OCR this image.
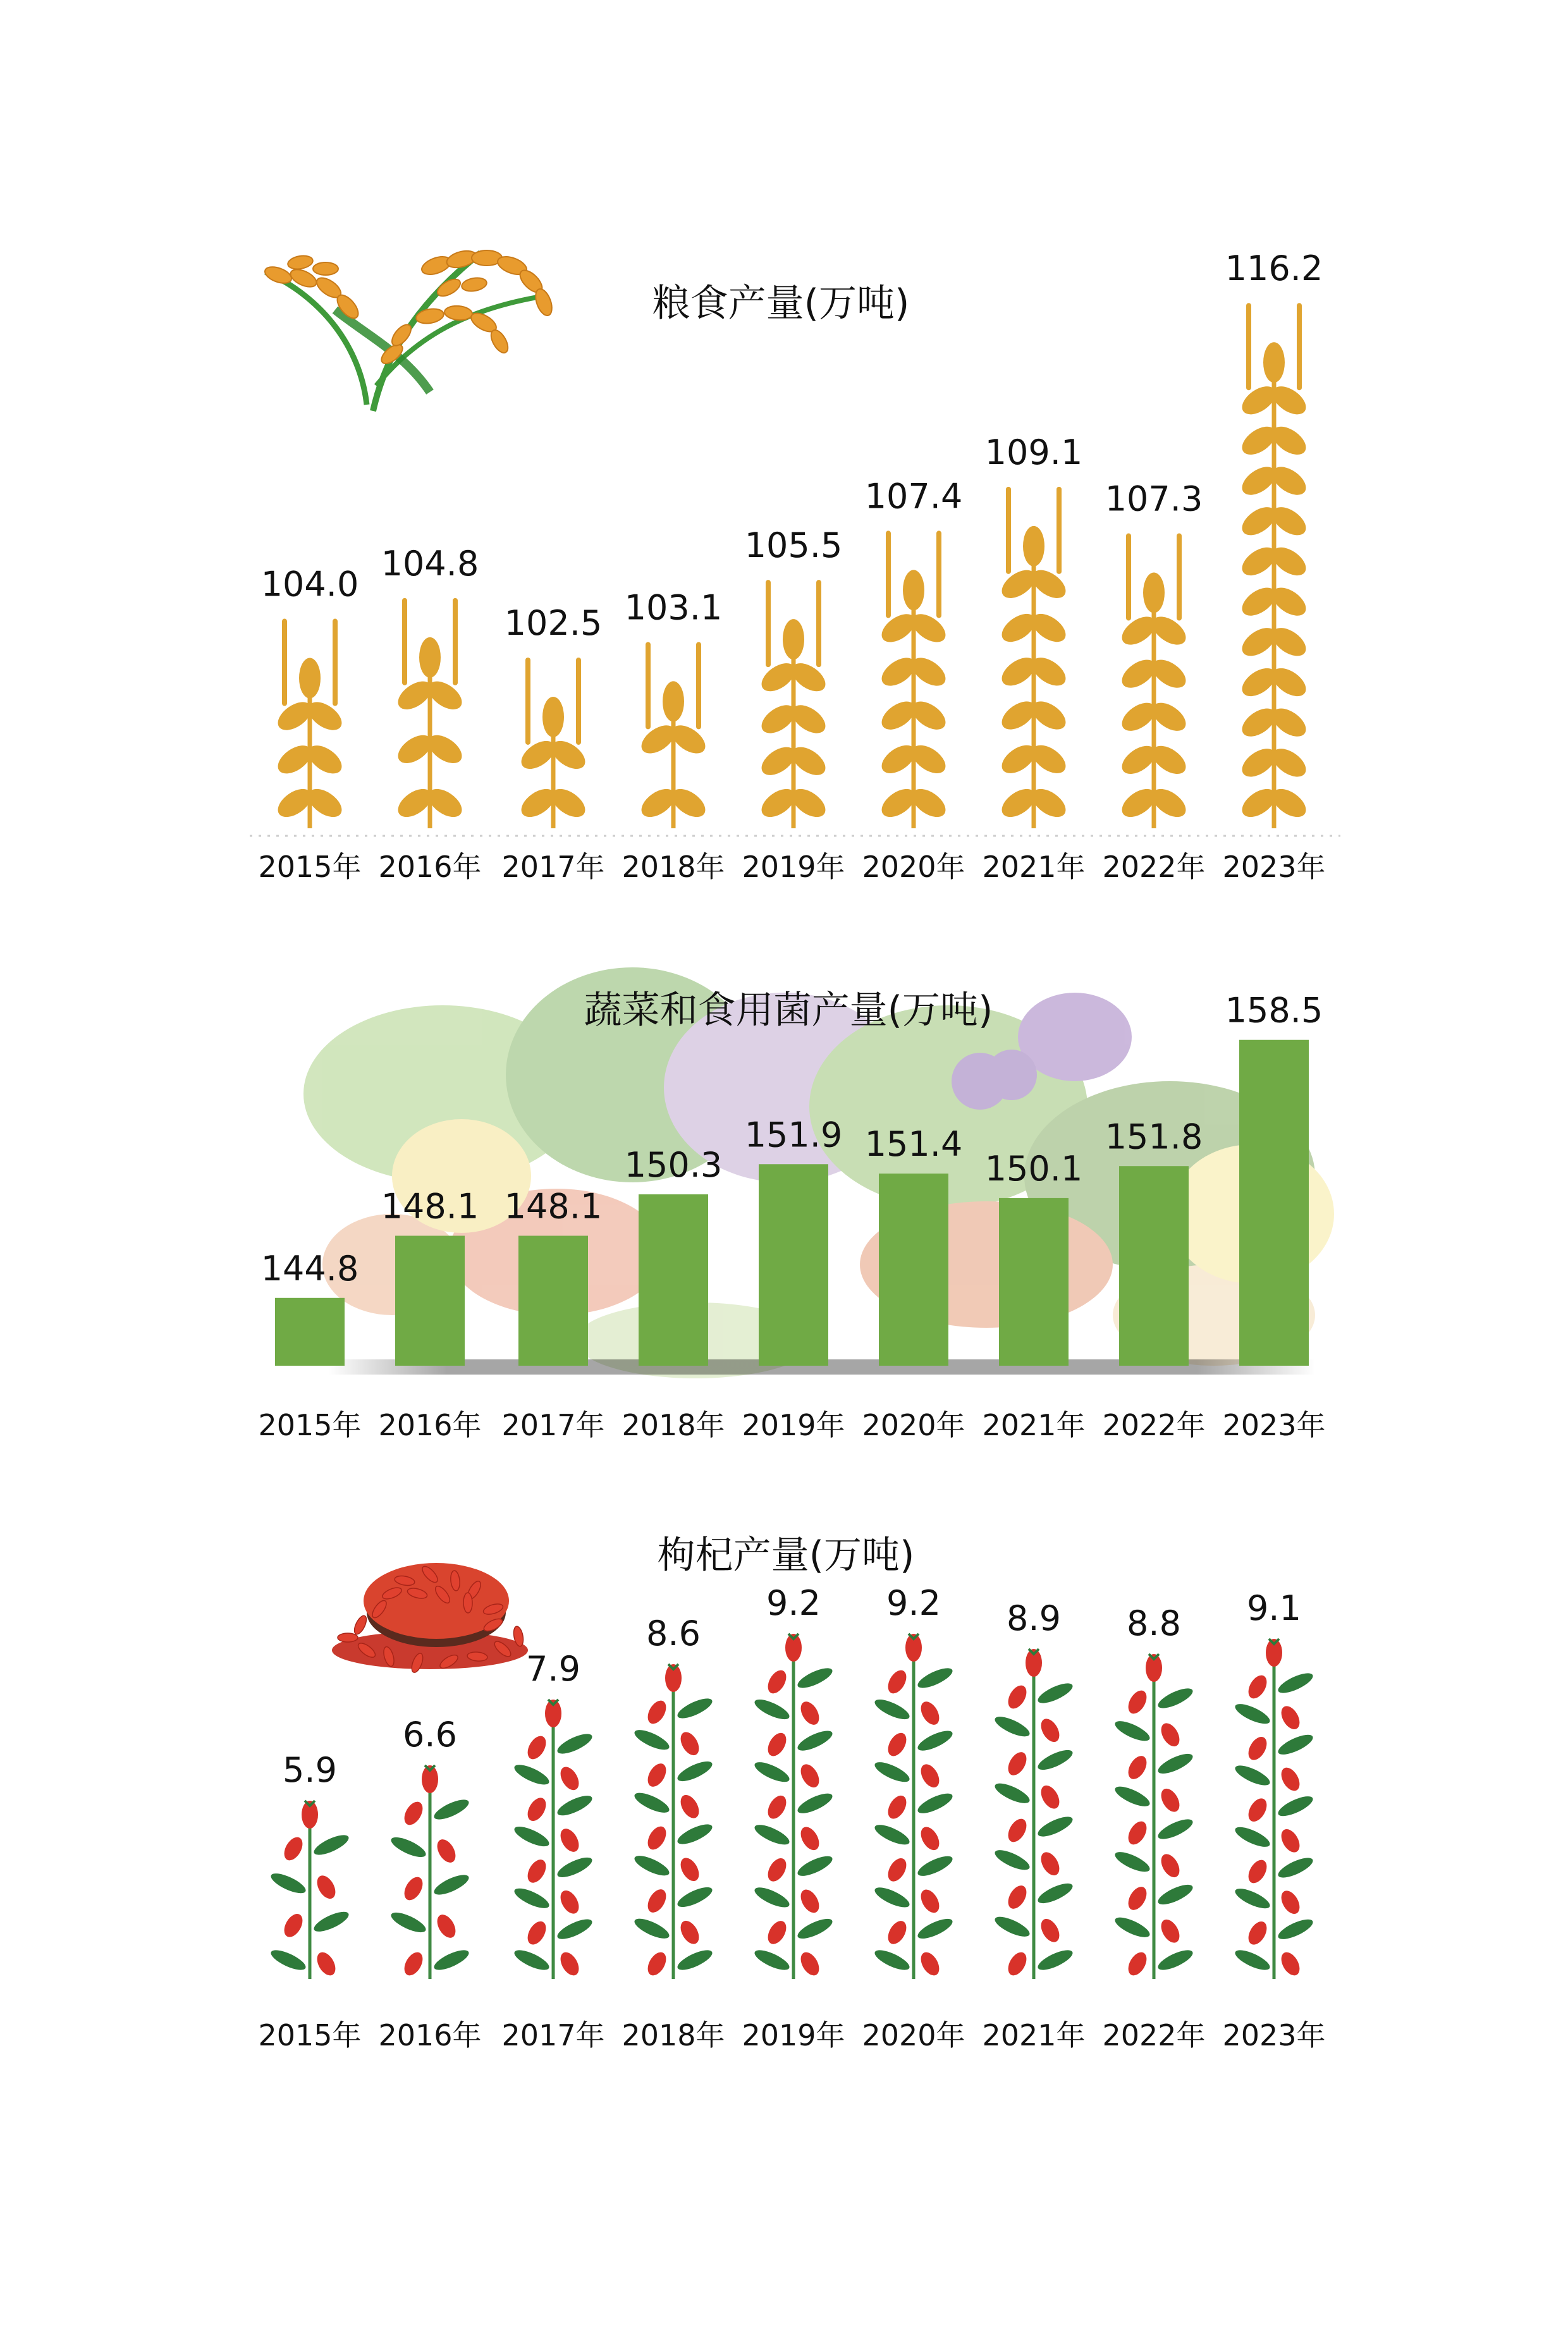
粮食产量(万吨)
104.0
104.8
102.5 103.1
105.5
107.4
109.1
107.3
116.2
蔬菜和食用菌产量(万吨)
144.8
148.1 148.1
150.3
151.9 151.4
150.1
151.8
158.5
枸杞产量(万吨)
5.9
6.6
7.9
8.6
9.2 9.2 8.9 8.8 9.1
2015年 2016年 2017年 2018年 2019年 2020年 2021年 2022年 2023年
2015年 2016年 2017年 2018年 2019年 2020年 2021年 2022年 2023年
2015年 2016年 2017年 2018年 2019年 2020年 2021年 2022年 2023年
